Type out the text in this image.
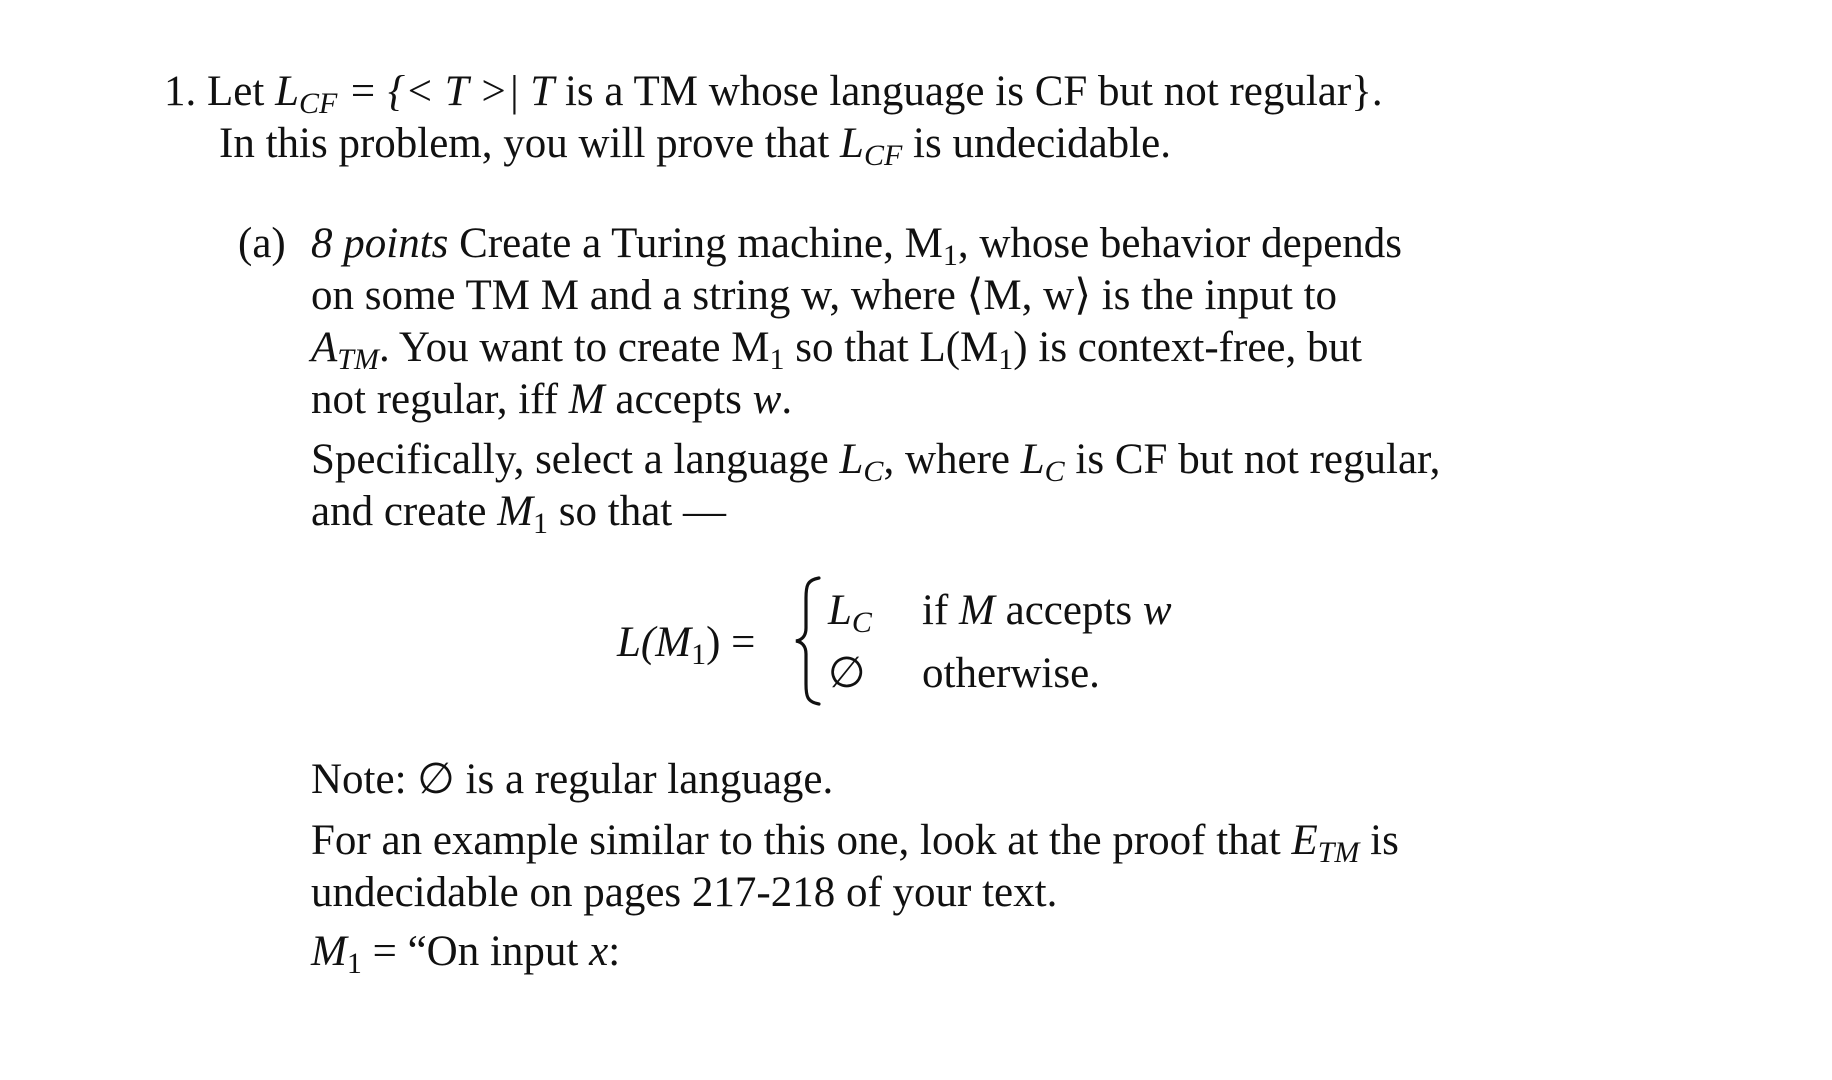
1. Let $L_{CF}$ = {< T >| T is a TM whose language is CF but not regular}.
In this problem, you will prove that $L_{CF}$ is undecidable.
(a) 8 points Create a Turing machine, $M_1$, whose behavior depends
on some TM M and a string w, where ⟨M, w⟩ is the input to
$A_{TM}$. You want to create $M_1$ so that $L(M_1)$ is context-free, but
not regular, iff M accepts w.
Specifically, select a language $L_C$, where $L_C$ is CF but not regular,
and create $M_1$ so that —
$L(M_1)$ =
$L_C$ if M accepts w
∅ otherwise.
Note: ∅ is a regular language.
For an example similar to this one, look at the proof that $E_{TM}$ is
undecidable on pages 217-218 of your text.
$M_1$ = “On input x:
